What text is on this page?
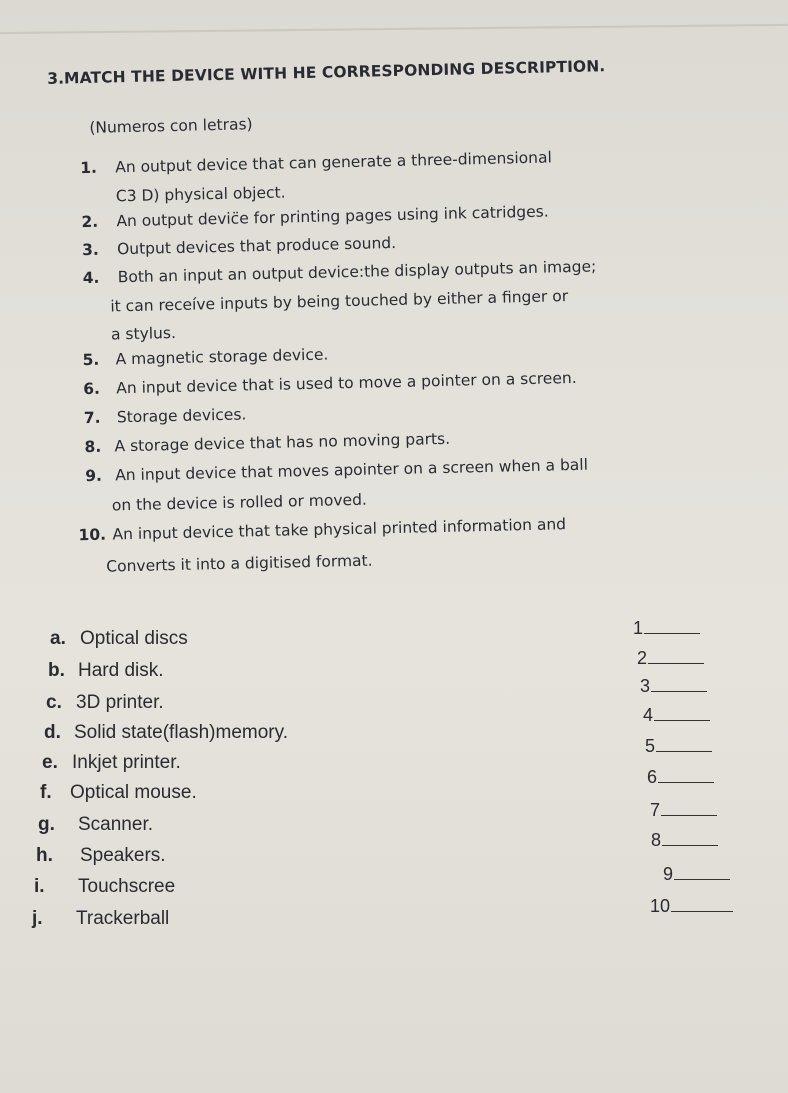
3.MATCH THE DEVICE WITH HE CORRESPONDING DESCRIPTION.
(Numeros con letras)
1. An output device that can generate a three-dimensional
C3 D) physical object.
2. An output devic̈e for printing pages using ink catridges.
3. Output devices that produce sound.
4. Both an input an output device:the display outputs an image;
it can receíve inputs by being touched by either a finger or
a stylus.
5. A magnetic storage device.
6. An input device that is used to move a pointer on a screen.
7. Storage devices.
8. A storage device that has no moving parts.
9. An input device that moves apointer on a screen when a ball
on the device is rolled or moved.
10. An input device that take physical printed information and
Converts it into a digitised format.
a. Optical discs
b. Hard disk.
c. 3D printer.
d. Solid state(flash)memory.
e. Inkjet printer.
f. Optical mouse.
g. Scanner.
h. Speakers.
i. Touchscree
j. Trackerball
1
2
3
4
5
6
7
8
9
10
